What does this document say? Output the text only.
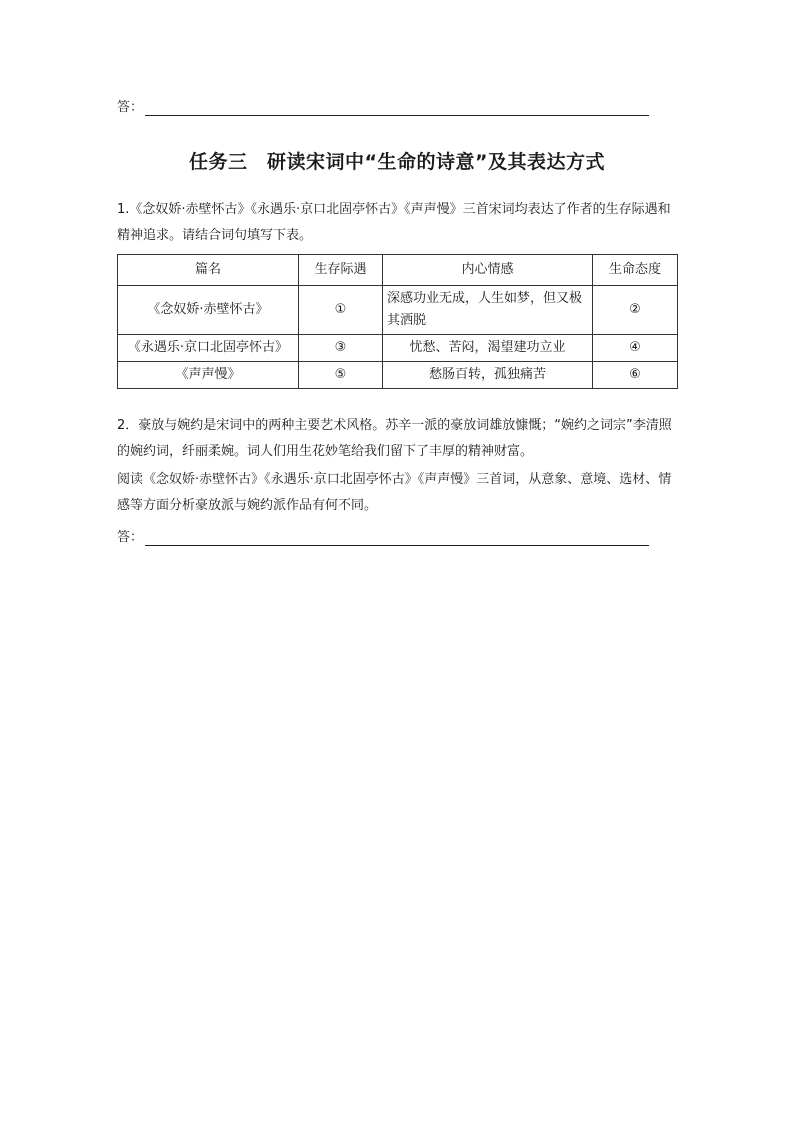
答：
任务三　研读宋词中“生命的诗意”及其表达方式
1.《念奴娇·赤壁怀古》《永遇乐·京口北固亭怀古》《声声慢》三首宋词均表达了作者的生存际遇和精神追求。请结合词句填写下表。
篇名	生存际遇	内心情感	生命态度
《念奴娇·赤壁怀古》	①	深感功业无成，人生如梦，但又极其洒脱	②
《永遇乐·京口北固亭怀古》	③	忧愁、苦闷，渴望建功立业	④
《声声慢》	⑤	愁肠百转，孤独痛苦	⑥
2．豪放与婉约是宋词中的两种主要艺术风格。苏辛一派的豪放词雄放慷慨；“婉约之词宗”李清照的婉约词，纤丽柔婉。词人们用生花妙笔给我们留下了丰厚的精神财富。
阅读《念奴娇·赤壁怀古》《永遇乐·京口北固亭怀古》《声声慢》三首词，从意象、意境、选材、情感等方面分析豪放派与婉约派作品有何不同。
答：
